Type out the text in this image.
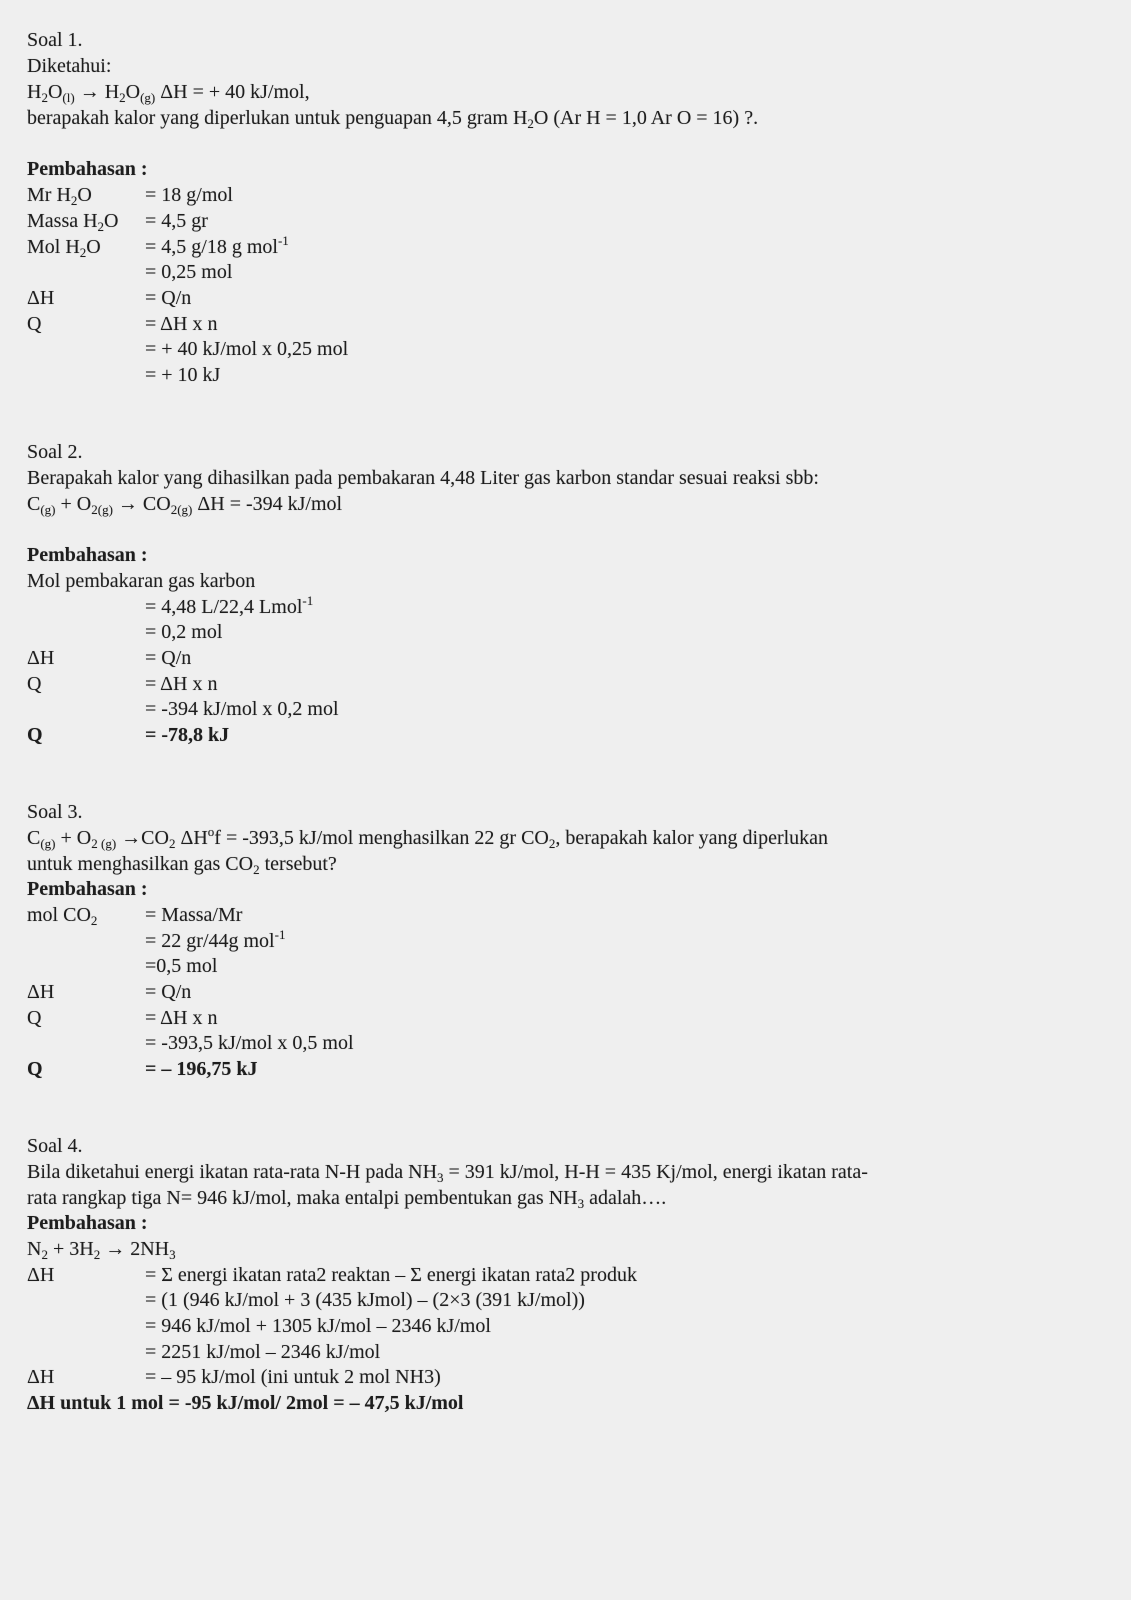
Soal 1.
Diketahui:
$H_2O_{(l)} \to H_2O_{(g)}$ ΔH = + 40 kJ/mol,
berapakah kalor yang diperlukan untuk penguapan 4,5 gram $H_2O$ (Ar H = 1,0 Ar O = 16) ?.
Pembahasan :
Mr $H_2O$	= 18 g/mol
Massa $H_2O = 4,5$ gr
Mol $H_2O = 4,5$ g/18 g mol$^{-1}$
= 0,25 mol
ΔH	= Q/n
Q	= ΔH x n
= + 40 kJ/mol x 0,25 mol
= + 10 kJ
Soal 2.
Berapakah kalor yang dihasilkan pada pembakaran 4,48 Liter gas karbon standar sesuai reaksi sbb:
$C_{(g)} + O_{2(g)} \to CO_{2(g)}$ ΔH = -394 kJ/mol
Pembahasan :
Mol pembakaran gas karbon
= 4,48 L/22,4 Lmol$^{-1}$
= 0,2 mol
ΔH	= Q/n
Q	= ΔH x n
= -394 kJ/mol x 0,2 mol
Q	= -78,8 kJ
Soal 3.
$C_{(g)} + O_{2 (g)} \to CO_2$ $\Delta H^of = -393,5$ kJ/mol menghasilkan 22 gr $CO_2$, berapakah kalor yang diperlukan
untuk menghasilkan gas $CO_2$ tersebut?
Pembahasan :
mol $CO_2$ = Massa/Mr
= 22 gr/44g mol$^{-1}$
=0,5 mol
ΔH	= Q/n
Q	= ΔH x n
= -393,5 kJ/mol x 0,5 mol
Q	= – 196,75 kJ
Soal 4.
Bila diketahui energi ikatan rata-rata N-H pada $NH_3 = 391$ kJ/mol, H-H = 435 Kj/mol, energi ikatan rata-
rata rangkap tiga N= 946 kJ/mol, maka entalpi pembentukan gas $NH_3$ adalah….
Pembahasan :
$N_2 + 3H_2 \to 2NH_3$
ΔH	= Σ energi ikatan rata2 reaktan – Σ energi ikatan rata2 produk
= (1 (946 kJ/mol + 3 (435 kJmol) – (2×3 (391 kJ/mol))
= 946 kJ/mol + 1305 kJ/mol – 2346 kJ/mol
= 2251 kJ/mol – 2346 kJ/mol
ΔH	= – 95 kJ/mol (ini untuk 2 mol NH3)
ΔH untuk 1 mol = -95 kJ/mol/ 2mol = – 47,5 kJ/mol
